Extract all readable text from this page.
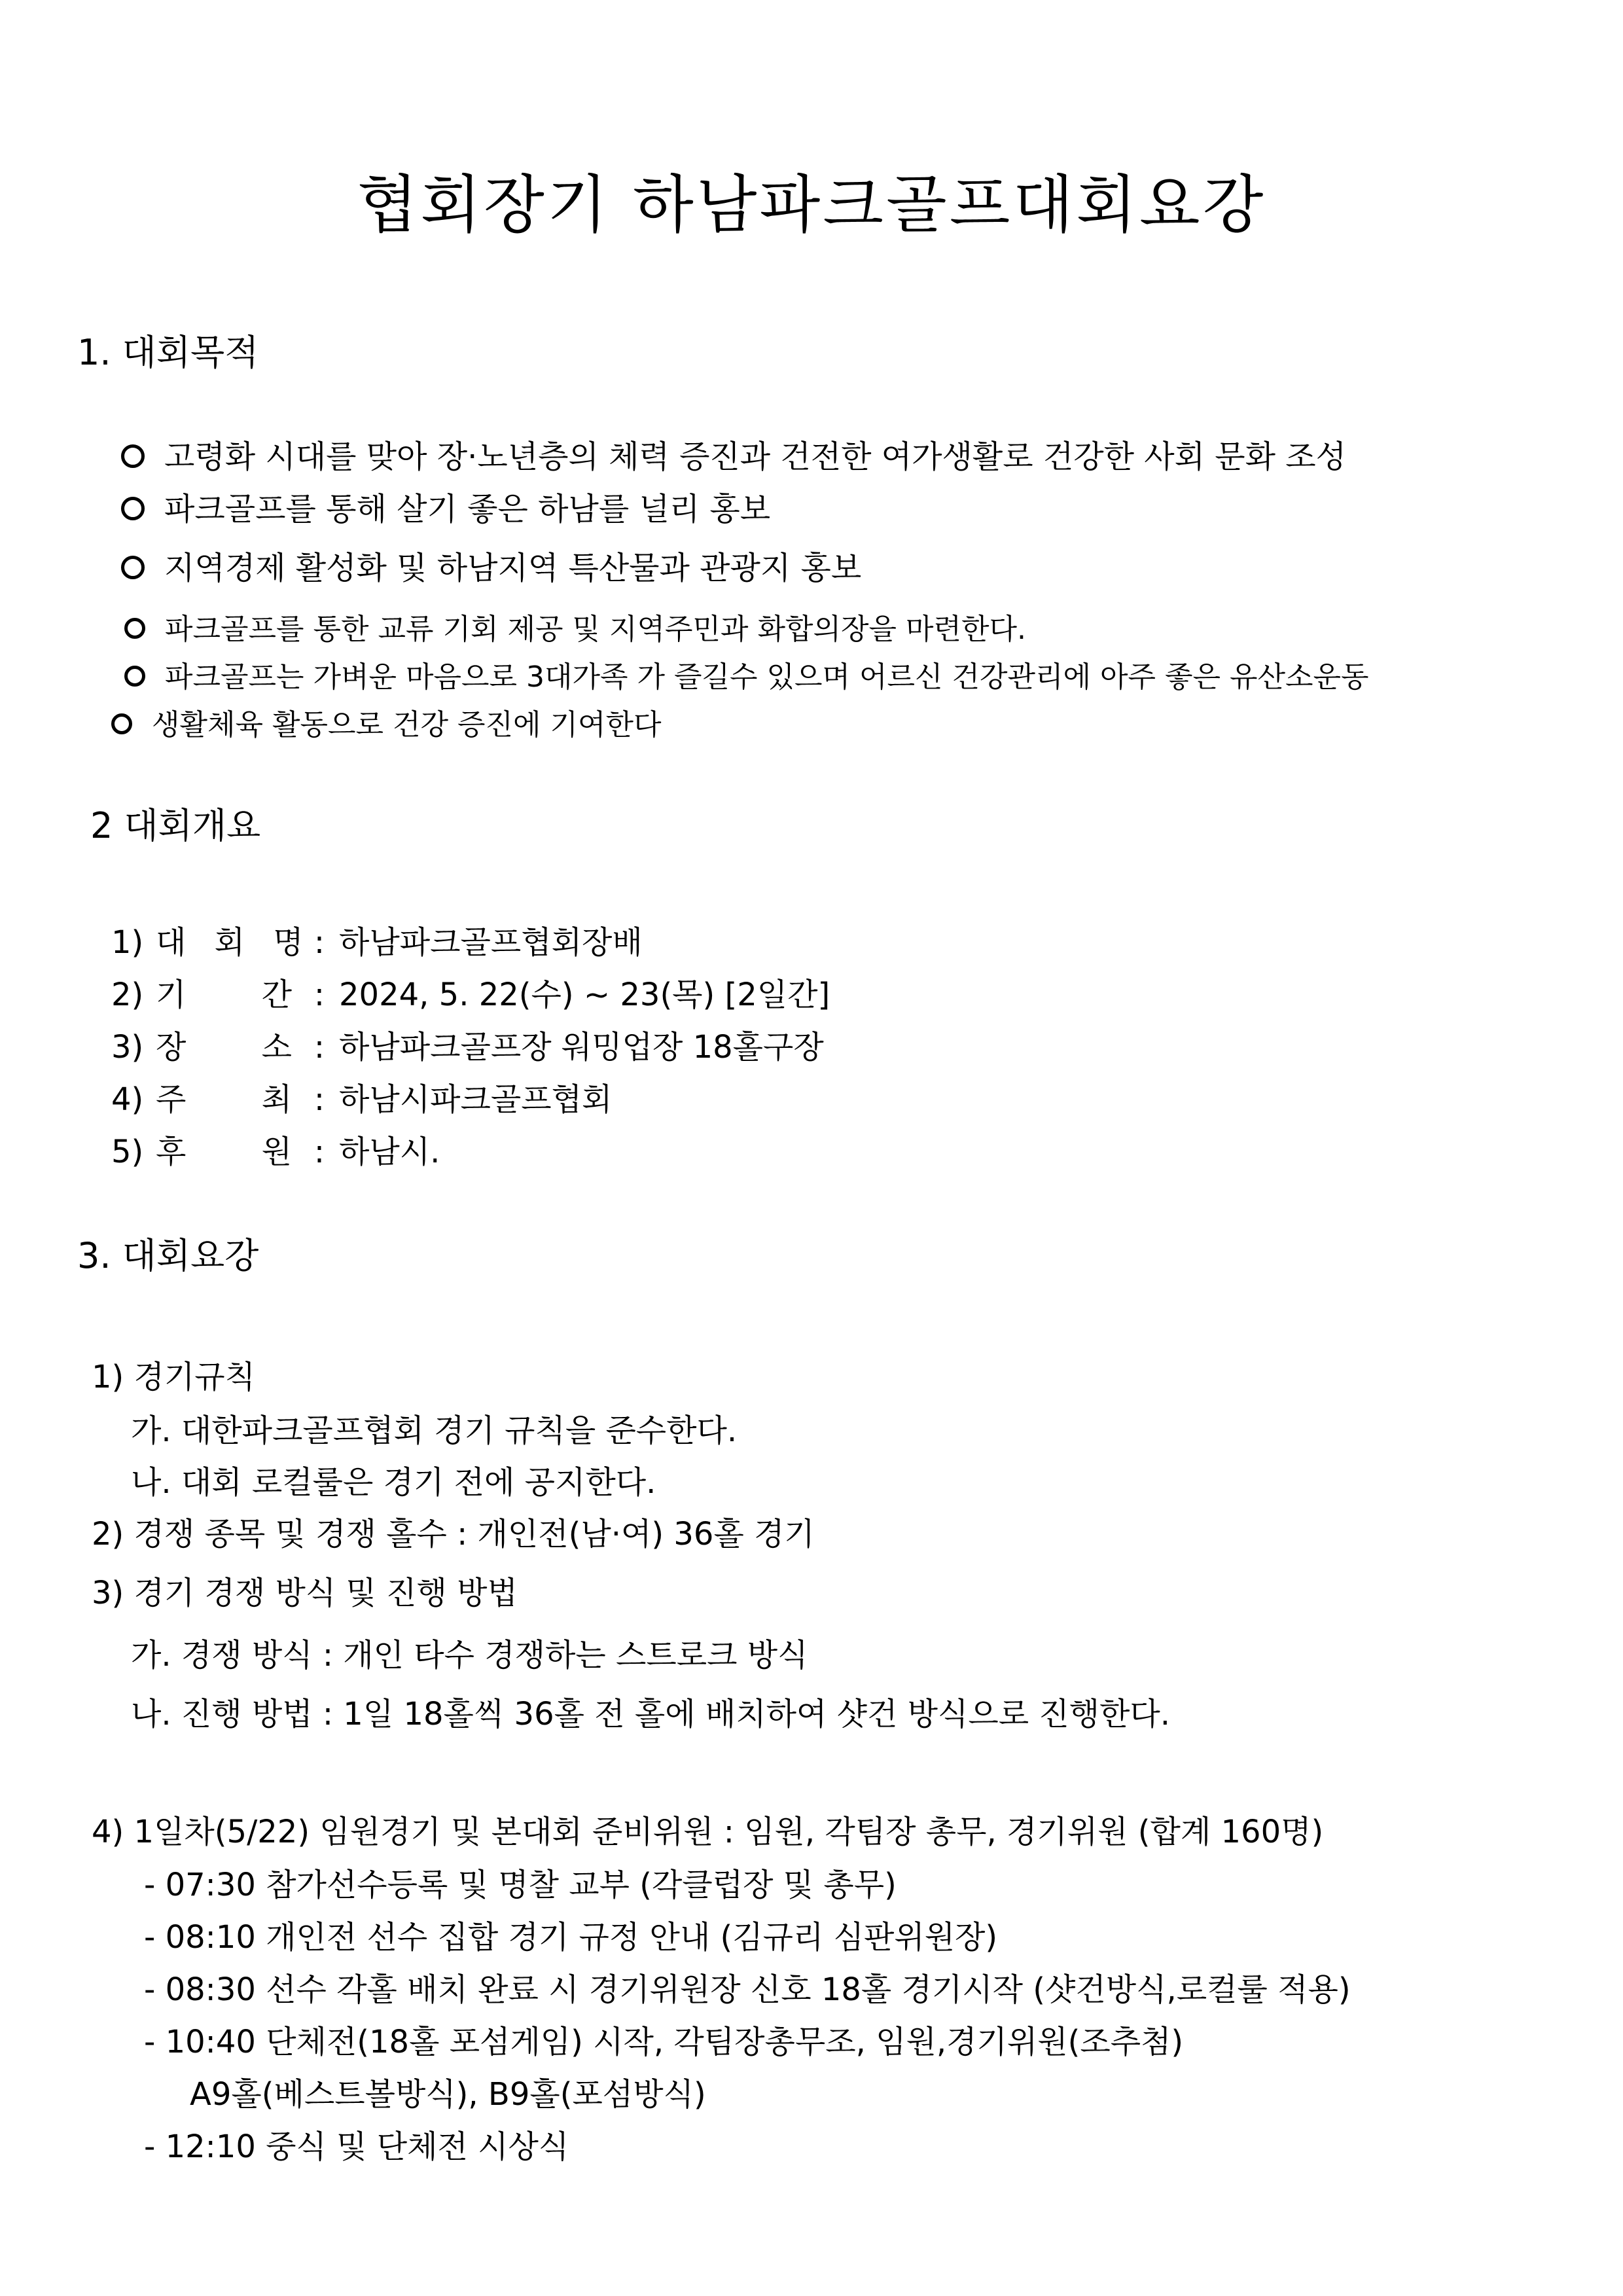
협회장기 하남파크골프대회요강
1. 대회목적
고령화 시대를 맞아 장·노년층의 체력 증진과 건전한 여가생활로 건강한 사회 문화 조성
파크골프를 통해 살기 좋은 하남를 널리 홍보
지역경제 활성화 및 하남지역 특산물과 관광지 홍보
파크골프를 통한 교류 기회 제공 및 지역주민과 화합의장을 마련한다.
파크골프는 가벼운 마음으로 3대가족 가 즐길수 있으며 어르신 건강관리에 아주 좋은 유산소운동
생활체육 활동으로 건강 증진에 기여한다
2 대회개요
1) 대 회 명: 하남파크골프협회장배
2) 기 간 : 2024, 5. 22(수) ~ 23(목) [2일간]
3) 장 소 : 하남파크골프장 워밍업장 18홀구장
4) 주 최 : 하남시파크골프협회
5) 후 원 : 하남시.
3. 대회요강
1) 경기규칙
가. 대한파크골프협회 경기 규칙을 준수한다.
나. 대회 로컬룰은 경기 전에 공지한다.
2) 경쟁 종목 및 경쟁 홀수 : 개인전(남·여) 36홀 경기
3) 경기 경쟁 방식 및 진행 방법
가. 경쟁 방식 : 개인 타수 경쟁하는 스트로크 방식
나. 진행 방법 : 1일 18홀씩 36홀 전 홀에 배치하여 샷건 방식으로 진행한다.
4) 1일차(5/22) 임원경기 및 본대회 준비위원 : 임원, 각팀장 총무, 경기위원 (합계 160명)
- 07:30 참가선수등록 및 명찰 교부 (각클럽장 및 총무)
- 08:10 개인전 선수 집합 경기 규정 안내 (김규리 심판위원장)
- 08:30 선수 각홀 배치 완료 시 경기위원장 신호 18홀 경기시작 (샷건방식,로컬룰 적용)
- 10:40 단체전(18홀 포섬게임) 시작, 각팀장총무조, 임원,경기위원(조추첨)
A9홀(베스트볼방식), B9홀(포섬방식)
- 12:10 중식 및 단체전 시상식
